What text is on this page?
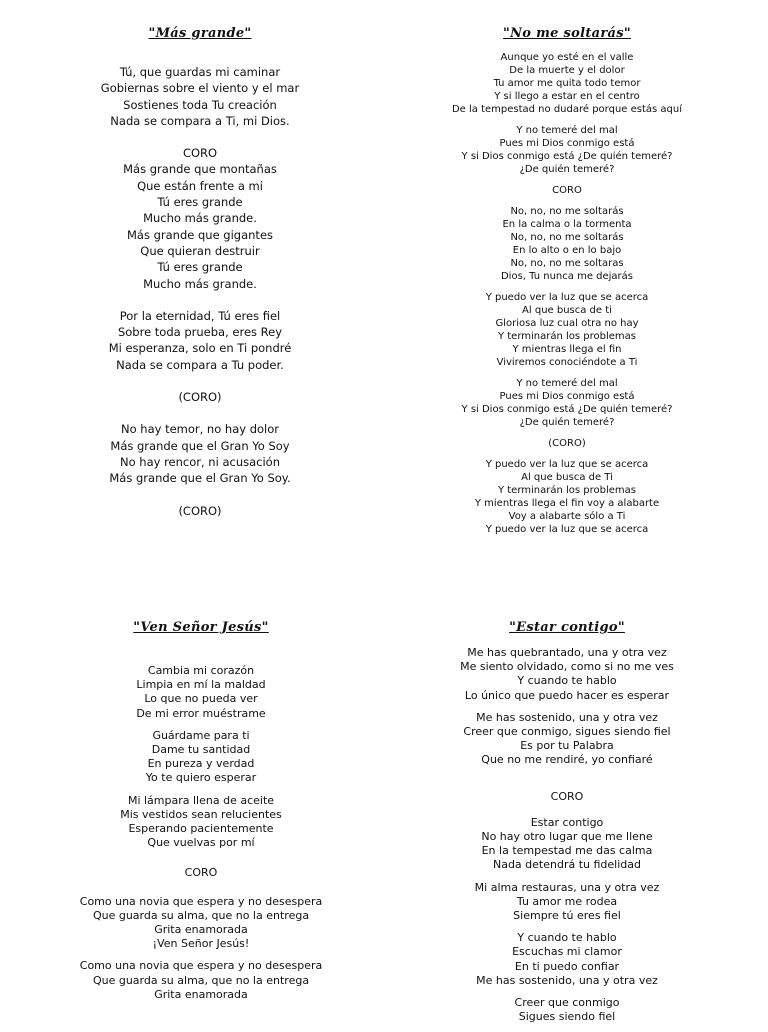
"Más grande"
Tú, que guardas mi caminar
Gobiernas sobre el viento y el mar
Sostienes toda Tu creación
Nada se compara a Ti, mi Dios.
CORO
Más grande que montañas
Que están frente a mi
Tú eres grande
Mucho más grande.
Más grande que gigantes
Que quieran destruir
Tú eres grande
Mucho más grande.
Por la eternidad, Tú eres fiel
Sobre toda prueba, eres Rey
Mi esperanza, solo en Ti pondré
Nada se compara a Tu poder.
(CORO)
No hay temor, no hay dolor
Más grande que el Gran Yo Soy
No hay rencor, ni acusación
Más grande que el Gran Yo Soy.
(CORO)
"No me soltarás"
Aunque yo esté en el valle
De la muerte y el dolor
Tu amor me quita todo temor
Y si llego a estar en el centro
De la tempestad no dudaré porque estás aquí
Y no temeré del mal
Pues mi Dios conmigo está
Y si Dios conmigo está ¿De quién temeré?
¿De quién temeré?
CORO
No, no, no me soltarás
En la calma o la tormenta
No, no, no me soltarás
En lo alto o en lo bajo
No, no, no me soltaras
Dios, Tu nunca me dejarás
Y puedo ver la luz que se acerca
Al que busca de ti
Gloriosa luz cual otra no hay
Y terminarán los problemas
Y mientras llega el fin
Viviremos conociéndote a Ti
Y no temeré del mal
Pues mi Dios conmigo está
Y si Dios conmigo está ¿De quién temeré?
¿De quién temeré?
(CORO)
Y puedo ver la luz que se acerca
Al que busca de Ti
Y terminarán los problemas
Y mientras llega el fin voy a alabarte
Voy a alabarte sólo a Ti
Y puedo ver la luz que se acerca
"Ven Señor Jesús"
Cambia mi corazón
Limpia en mí la maldad
Lo que no pueda ver
De mi error muéstrame
Guárdame para ti
Dame tu santidad
En pureza y verdad
Yo te quiero esperar
Mi lámpara llena de aceite
Mis vestidos sean relucientes
Esperando pacientemente
Que vuelvas por mí
CORO
Como una novia que espera y no desespera
Que guarda su alma, que no la entrega
Grita enamorada
¡Ven Señor Jesús!
Como una novia que espera y no desespera
Que guarda su alma, que no la entrega
Grita enamorada
"Estar contigo"
Me has quebrantado, una y otra vez
Me siento olvidado, como si no me ves
Y cuando te hablo
Lo único que puedo hacer es esperar
Me has sostenido, una y otra vez
Creer que conmigo, sigues siendo fiel
Es por tu Palabra
Que no me rendiré, yo confiaré
CORO
Estar contigo
No hay otro lugar que me llene
En la tempestad me das calma
Nada detendrá tu fidelidad
Mi alma restauras, una y otra vez
Tu amor me rodea
Siempre tú eres fiel
Y cuando te hablo
Escuchas mi clamor
En ti puedo confiar
Me has sostenido, una y otra vez
Creer que conmigo
Sigues siendo fiel
